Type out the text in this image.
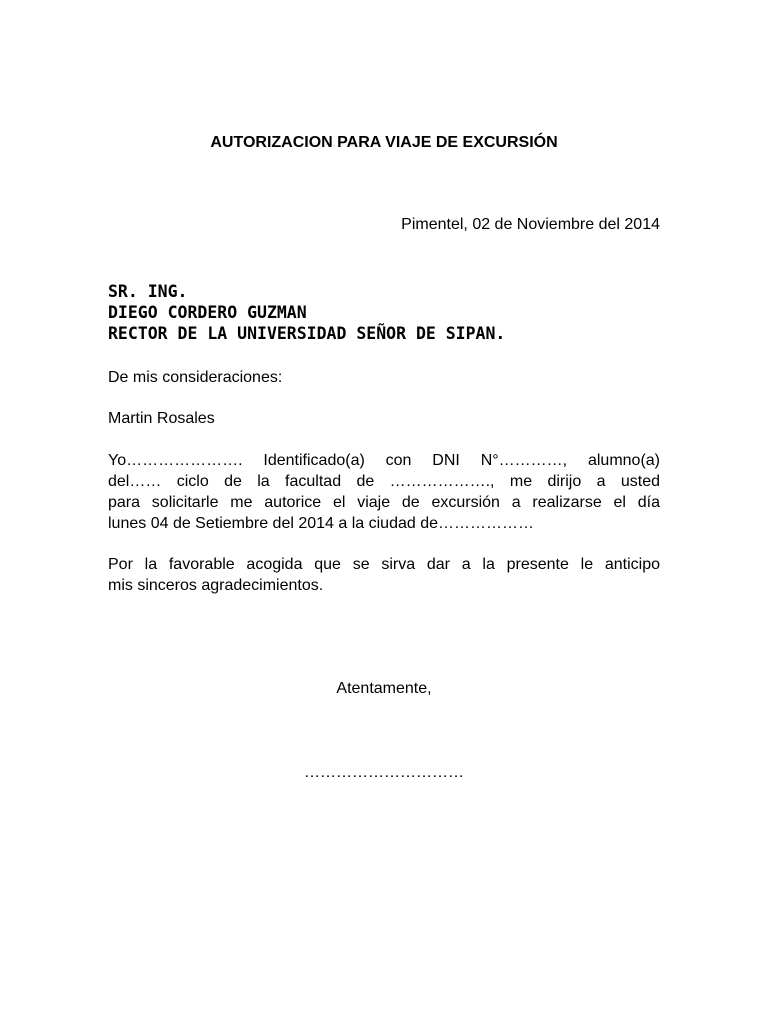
AUTORIZACION PARA VIAJE DE EXCURSIÓN
Pimentel, 02 de Noviembre del 2014
SR. ING.
DIEGO CORDERO GUZMAN
RECTOR DE LA UNIVERSIDAD SEÑOR DE SIPAN.
De mis consideraciones:
Martin Rosales
Yo…………………. Identificado(a) con DNI N°…………, alumno(a)
del…… ciclo de la facultad de ………………., me dirijo a usted
para solicitarle me autorice el viaje de excursión a realizarse el día
lunes 04 de Setiembre del 2014 a la ciudad de………………
Por la favorable acogida que se sirva dar a la presente le anticipo
mis sinceros agradecimientos.
Atentamente,
…………………………
